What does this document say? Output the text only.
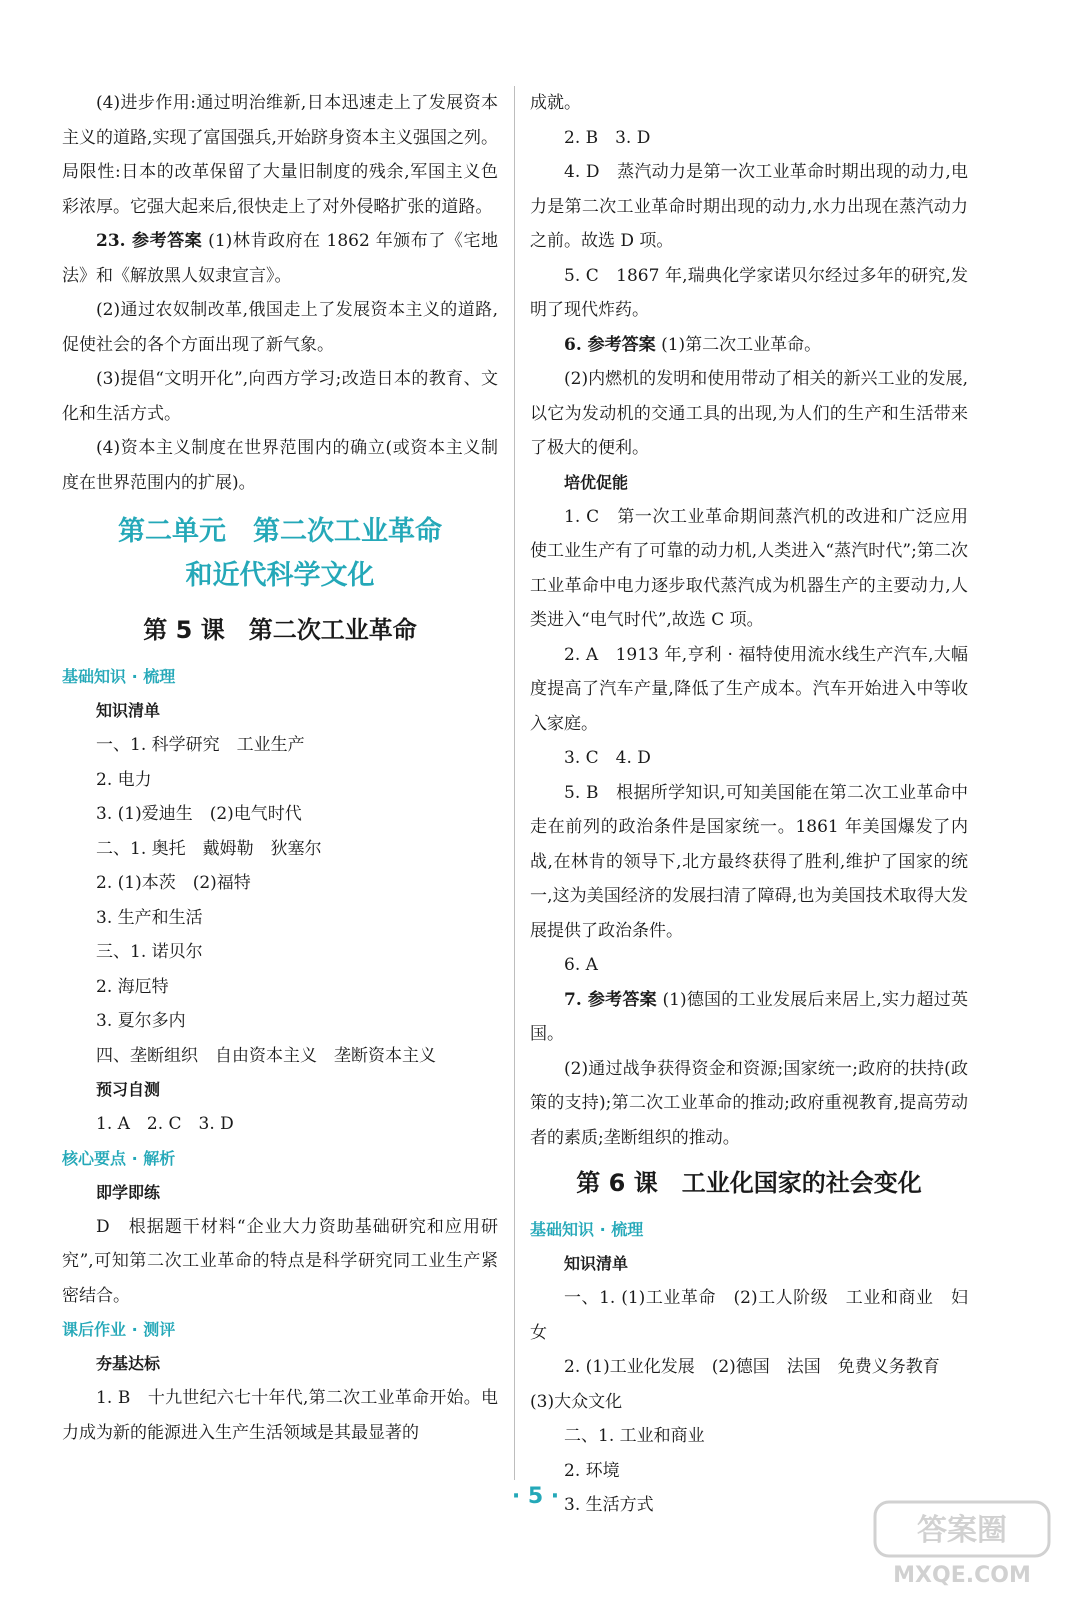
(4)进步作用:通过明治维新,日本迅速走上了发展资本主义的道路,实现了富国强兵,开始跻身资本主义强国之列。局限性:日本的改革保留了大量旧制度的残余,军国主义色彩浓厚。它强大起来后,很快走上了对外侵略扩张的道路。

23. 参考答案 (1)林肯政府在 1862 年颁布了《宅地法》和《解放黑人奴隶宣言》。

(2)通过农奴制改革,俄国走上了发展资本主义的道路,促使社会的各个方面出现了新气象。

(3)提倡“文明开化”,向西方学习;改造日本的教育、文化和生活方式。

(4)资本主义制度在世界范围内的确立(或资本主义制度在世界范围内的扩展)。

第二单元　第二次工业革命
和近代科学文化
第 5 课　第二次工业革命
基础知识 · 梳理
知识清单

一、1. 科学研究　工业生产

2. 电力

3. (1)爱迪生　(2)电气时代

二、1. 奥托　戴姆勒　狄塞尔

2. (1)本茨　(2)福特

3. 生产和生活

三、1. 诺贝尔

2. 海厄特

3. 夏尔多内

四、垄断组织　自由资本主义　垄断资本主义

预习自测

1. A　2. C　3. D

核心要点 · 解析
即学即练

D　根据题干材料“企业大力资助基础研究和应用研究”,可知第二次工业革命的特点是科学研究同工业生产紧密结合。

课后作业 · 测评
夯基达标

1. B　十九世纪六七十年代,第二次工业革命开始。电力成为新的能源进入生产生活领域是其最显著的

成就。

2. B　3. D

4. D　蒸汽动力是第一次工业革命时期出现的动力,电力是第二次工业革命时期出现的动力,水力出现在蒸汽动力之前。故选 D 项。

5. C　1867 年,瑞典化学家诺贝尔经过多年的研究,发明了现代炸药。

6. 参考答案 (1)第二次工业革命。

(2)内燃机的发明和使用带动了相关的新兴工业的发展,以它为发动机的交通工具的出现,为人们的生产和生活带来了极大的便利。

培优促能

1. C　第一次工业革命期间蒸汽机的改进和广泛应用使工业生产有了可靠的动力机,人类进入“蒸汽时代”;第二次工业革命中电力逐步取代蒸汽成为机器生产的主要动力,人类进入“电气时代”,故选 C 项。

2. A　1913 年,亨利 · 福特使用流水线生产汽车,大幅度提高了汽车产量,降低了生产成本。汽车开始进入中等收入家庭。

3. C　4. D

5. B　根据所学知识,可知美国能在第二次工业革命中走在前列的政治条件是国家统一。1861 年美国爆发了内战,在林肯的领导下,北方最终获得了胜利,维护了国家的统一,这为美国经济的发展扫清了障碍,也为美国技术取得大发展提供了政治条件。

6. A

7. 参考答案 (1)德国的工业发展后来居上,实力超过英国。

(2)通过战争获得资金和资源;国家统一;政府的扶持(政策的支持);第二次工业革命的推动;政府重视教育,提高劳动者的素质;垄断组织的推动。

第 6 课　工业化国家的社会变化
基础知识 · 梳理
知识清单

一、1. (1)工业革命　(2)工人阶级　工业和商业　妇女

2. (1)工业化发展　(2)德国　法国　免费义务教育

(3)大众文化

二、1. 工业和商业

2. 环境

3. 生活方式

· 5 ·
答案圈
MXQE.COM
